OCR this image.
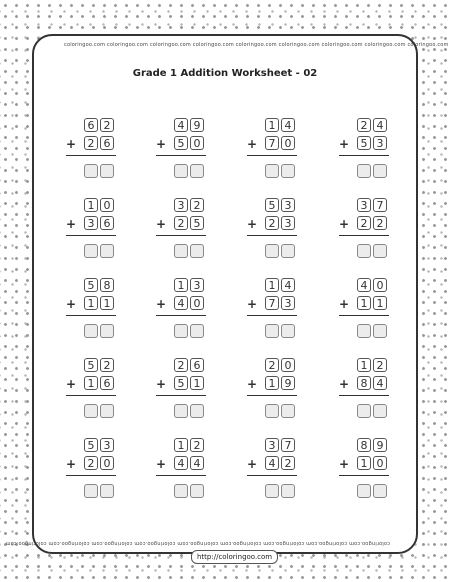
coloringoo.com coloringoo.com coloringoo.com coloringoo.com coloringoo.com coloringoo.com coloringoo.com coloringoo.com coloringoo.com
Grade 1 Addition Worksheet - 02
6 2
+	2 6
4 9
+	5 0
1 4
+	7 0
2 4
+	5 3
1 0
+	3 6
3 2
+	2 5
5 3
+	2 3
3 7
+	2 2
5 8
+	1 1
1 3
+	4 0
1 4
+	7 3
4 0
+	1 1
5 2
+	1 6
2 6
+	5 1
2 0
+	1 9
1 2
+	8 4
5 3
+	2 0
1 2
+	4 4
3 7
+	4 2
8 9
+	1 0
coloringoo.com coloringoo.com coloringoo.com coloringoo.com coloringoo.com coloringoo.com coloringoo.com coloringoo.com coloringoo.com
http://coloringoo.com
